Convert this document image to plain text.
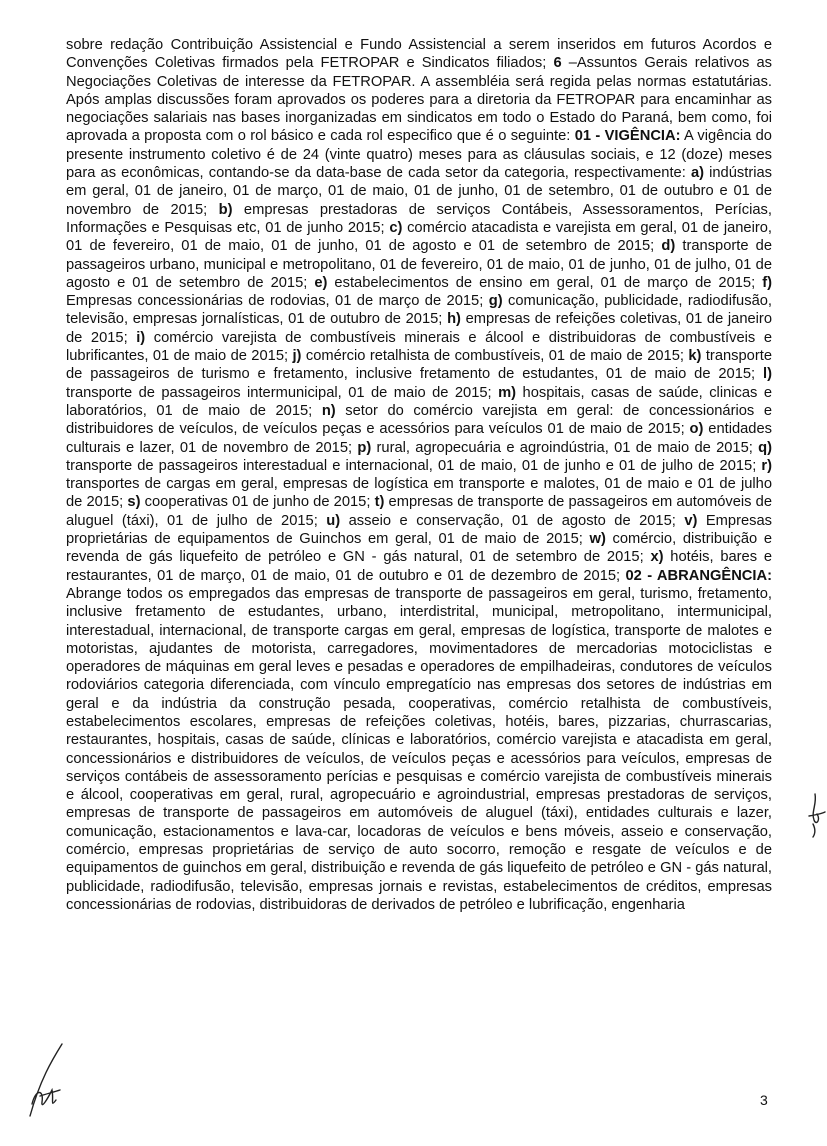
sobre redação Contribuição Assistencial e Fundo Assistencial a serem inseridos em futuros Acordos e Convenções Coletivas firmados pela FETROPAR e Sindicatos filiados; 6 –Assuntos Gerais relativos as Negociações Coletivas de interesse da FETROPAR. A assembléia será regida pelas normas estatutárias. Após amplas discussões foram aprovados os poderes para a diretoria da FETROPAR para encaminhar as negociações salariais nas bases inorganizadas em sindicatos em todo o Estado do Paraná, bem como, foi aprovada a proposta com o rol básico e cada rol especifico que é o seguinte: 01 - VIGÊNCIA: A vigência do presente instrumento coletivo é de 24 (vinte quatro) meses para as cláusulas sociais, e 12 (doze) meses para as econômicas, contando-se da data-base de cada setor da categoria, respectivamente: a) indústrias em geral, 01 de janeiro, 01 de março, 01 de maio, 01 de junho, 01 de setembro, 01 de outubro e 01 de novembro de 2015; b) empresas prestadoras de serviços Contábeis, Assessoramentos, Perícias, Informações e Pesquisas etc, 01 de junho 2015; c) comércio atacadista e varejista em geral, 01 de janeiro, 01 de fevereiro, 01 de maio, 01 de junho, 01 de agosto e 01 de setembro de 2015; d) transporte de passageiros urbano, municipal e metropolitano, 01 de fevereiro, 01 de maio, 01 de junho, 01 de julho, 01 de agosto e 01 de setembro de 2015; e) estabelecimentos de ensino em geral, 01 de março de 2015; f) Empresas concessionárias de rodovias, 01 de março de 2015; g) comunicação, publicidade, radiodifusão, televisão, empresas jornalísticas, 01 de outubro de 2015; h) empresas de refeições coletivas, 01 de janeiro de 2015; i) comércio varejista de combustíveis minerais e álcool e distribuidoras de combustíveis e lubrificantes, 01 de maio de 2015; j) comércio retalhista de combustíveis, 01 de maio de 2015; k) transporte de passageiros de turismo e fretamento, inclusive fretamento de estudantes, 01 de maio de 2015; l) transporte de passageiros intermunicipal, 01 de maio de 2015; m) hospitais, casas de saúde, clinicas e laboratórios, 01 de maio de 2015; n) setor do comércio varejista em geral: de concessionários e distribuidores de veículos, de veículos peças e acessórios para veículos 01 de maio de 2015; o) entidades culturais e lazer, 01 de novembro de 2015; p) rural, agropecuária e agroindústria, 01 de maio de 2015; q) transporte de passageiros interestadual e internacional, 01 de maio, 01 de junho e 01 de julho de 2015; r) transportes de cargas em geral, empresas de logística em transporte e malotes, 01 de maio e 01 de julho de 2015; s) cooperativas 01 de junho de 2015; t) empresas de transporte de passageiros em automóveis de aluguel (táxi), 01 de julho de 2015; u) asseio e conservação, 01 de agosto de 2015; v) Empresas proprietárias de equipamentos de Guinchos em geral, 01 de maio de 2015; w) comércio, distribuição e revenda de gás liquefeito de petróleo e GN - gás natural, 01 de setembro de 2015; x) hotéis, bares e restaurantes, 01 de março, 01 de maio, 01 de outubro e 01 de dezembro de 2015; 02 - ABRANGÊNCIA: Abrange todos os empregados das empresas de transporte de passageiros em geral, turismo, fretamento, inclusive fretamento de estudantes, urbano, interdistrital, municipal, metropolitano, intermunicipal, interestadual, internacional, de transporte cargas em geral, empresas de logística, transporte de malotes e motoristas, ajudantes de motorista, carregadores, movimentadores de mercadorias motociclistas e operadores de máquinas em geral leves e pesadas e operadores de empilhadeiras, condutores de veículos rodoviários categoria diferenciada, com vínculo empregatício nas empresas dos setores de indústrias em geral e da indústria da construção pesada, cooperativas, comércio retalhista de combustíveis, estabelecimentos escolares, empresas de refeições coletivas, hotéis, bares, pizzarias, churrascarias, restaurantes, hospitais, casas de saúde, clínicas e laboratórios, comércio varejista e atacadista em geral, concessionários e distribuidores de veículos, de veículos peças e acessórios para veículos, empresas de serviços contábeis de assessoramento perícias e pesquisas e comércio varejista de combustíveis minerais e álcool, cooperativas em geral, rural, agropecuário e agroindustrial, empresas prestadoras de serviços, empresas de transporte de passageiros em automóveis de aluguel (táxi), entidades culturais e lazer, comunicação, estacionamentos e lava-car, locadoras de veículos e bens móveis, asseio e conservação, comércio, empresas proprietárias de serviço de auto socorro, remoção e resgate de veículos e de equipamentos de guinchos em geral, distribuição e revenda de gás liquefeito de petróleo e GN - gás natural, publicidade, radiodifusão, televisão, empresas jornais e revistas, estabelecimentos de créditos, empresas concessionárias de rodovias, distribuidoras de derivados de petróleo e lubrificação, engenharia
3
